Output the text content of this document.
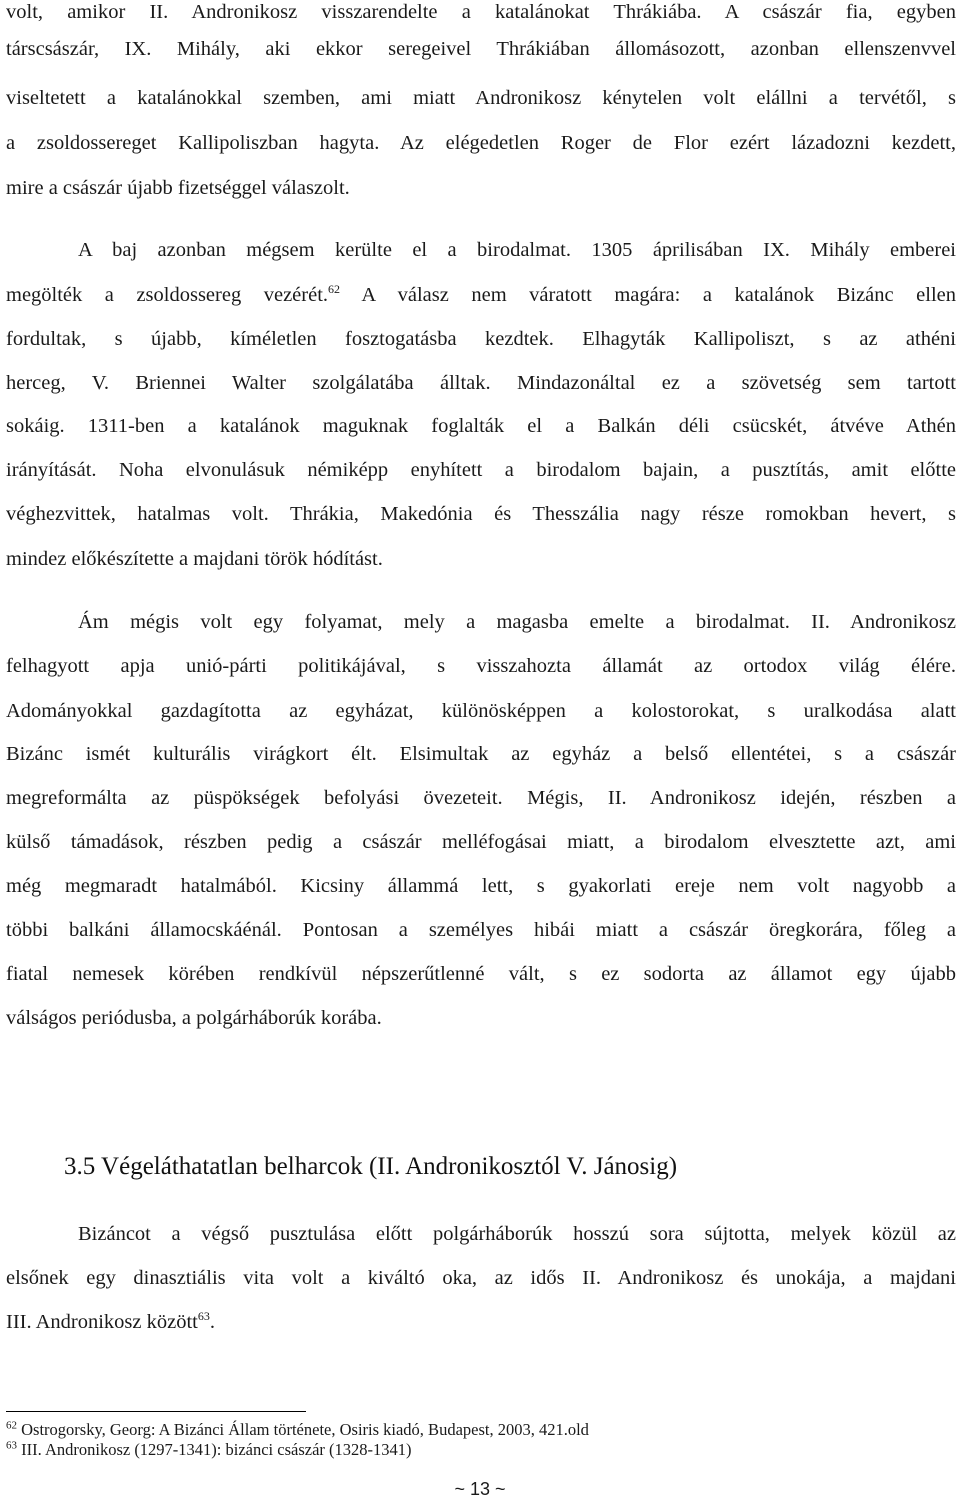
volt, amikor II. Andronikosz visszarendelte a katalánokat Thrákiába. A császár fia, egyben
társcsászár, IX. Mihály, aki ekkor seregeivel Thrákiában állomásozott, azonban ellenszenvvel
viseltetett a katalánokkal szemben, ami miatt Andronikosz kénytelen volt elállni a tervétől, s
a zsoldossereget Kallipoliszban hagyta. Az elégedetlen Roger de Flor ezért lázadozni kezdett,
mire a császár újabb fizetséggel válaszolt.
A baj azonban mégsem kerülte el a birodalmat. 1305 áprilisában IX. Mihály emberei
megölték a zsoldossereg vezérét.$^{62}$ A válasz nem váratott magára: a katalánok Bizánc ellen
fordultak, s újabb, kíméletlen fosztogatásba kezdtek. Elhagyták Kallipoliszt, s az athéni
herceg, V. Briennei Walter szolgálatába álltak. Mindazonáltal ez a szövetség sem tartott
sokáig. 1311-ben a katalánok maguknak foglalták el a Balkán déli csücskét, átvéve Athén
irányítását. Noha elvonulásuk némiképp enyhített a birodalom bajain, a pusztítás, amit előtte
véghezvittek, hatalmas volt. Thrákia, Makedónia és Thesszália nagy része romokban hevert, s
mindez előkészítette a majdani török hódítást.
Ám mégis volt egy folyamat, mely a magasba emelte a birodalmat. II. Andronikosz
felhagyott apja unió-párti politikájával, s visszahozta államát az ortodox világ élére.
Adományokkal gazdagította az egyházat, különösképpen a kolostorokat, s uralkodása alatt
Bizánc ismét kulturális virágkort élt. Elsimultak az egyház a belső ellentétei, s a császár
megreformálta az püspökségek befolyási övezeteit. Mégis, II. Andronikosz idején, részben a
külső támadások, részben pedig a császár melléfogásai miatt, a birodalom elvesztette azt, ami
még megmaradt hatalmából. Kicsiny állammá lett, s gyakorlati ereje nem volt nagyobb a
többi balkáni államocskáénál. Pontosan a személyes hibái miatt a császár öregkorára, főleg a
fiatal nemesek körében rendkívül népszerűtlenné vált, s ez sodorta az államot egy újabb
válságos periódusba, a polgárháborúk korába.
3.5 Végeláthatatlan belharcok (II. Andronikosztól V. Jánosig)
Bizáncot a végső pusztulása előtt polgárháborúk hosszú sora sújtotta, melyek közül az
elsőnek egy dinasztiális vita volt a kiváltó oka, az idős II. Andronikosz és unokája, a majdani
III. Andronikosz között$^{63}$.
$^{62}$ Ostrogorsky, Georg: A Bizánci Állam története, Osiris kiadó, Budapest, 2003, 421.old
$^{63}$ III. Andronikosz (1297-1341): bizánci császár (1328-1341)
~ 13 ~
